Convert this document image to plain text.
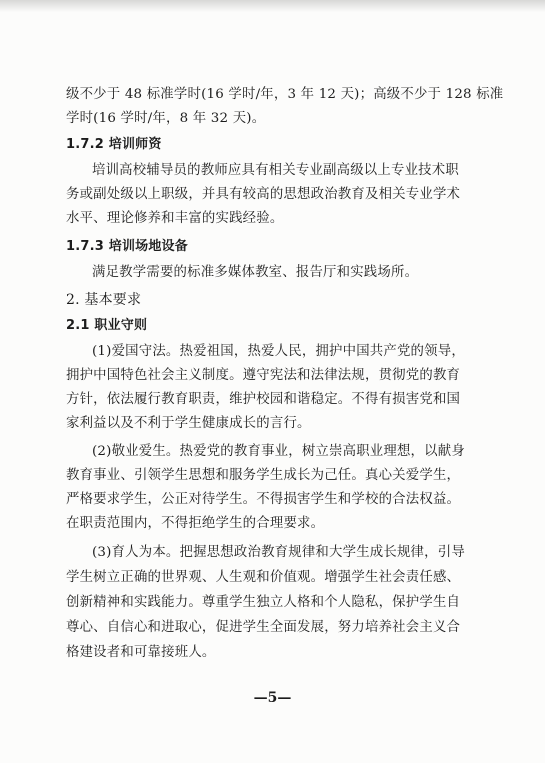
级不少于 48 标准学时(16 学时/年，3 年 12 天)；高级不少于 128 标准
学时(16 学时/年，8 年 32 天)。
1.7.2 培训师资
培训高校辅导员的教师应具有相关专业副高级以上专业技术职
务或副处级以上职级，并具有较高的思想政治教育及相关专业学术
水平、理论修养和丰富的实践经验。
1.7.3 培训场地设备
满足教学需要的标准多媒体教室、报告厅和实践场所。
2. 基本要求
2.1 职业守则
(1)爱国守法。热爱祖国，热爱人民，拥护中国共产党的领导，
拥护中国特色社会主义制度。遵守宪法和法律法规，贯彻党的教育
方针，依法履行教育职责，维护校园和谐稳定。不得有损害党和国
家利益以及不利于学生健康成长的言行。
(2)敬业爱生。热爱党的教育事业，树立崇高职业理想，以献身
教育事业、引领学生思想和服务学生成长为己任。真心关爱学生，
严格要求学生，公正对待学生。不得损害学生和学校的合法权益。
在职责范围内，不得拒绝学生的合理要求。
(3)育人为本。把握思想政治教育规律和大学生成长规律，引导
学生树立正确的世界观、人生观和价值观。增强学生社会责任感、
创新精神和实践能力。尊重学生独立人格和个人隐私，保护学生自
尊心、自信心和进取心，促进学生全面发展，努力培养社会主义合
格建设者和可靠接班人。
—5—
